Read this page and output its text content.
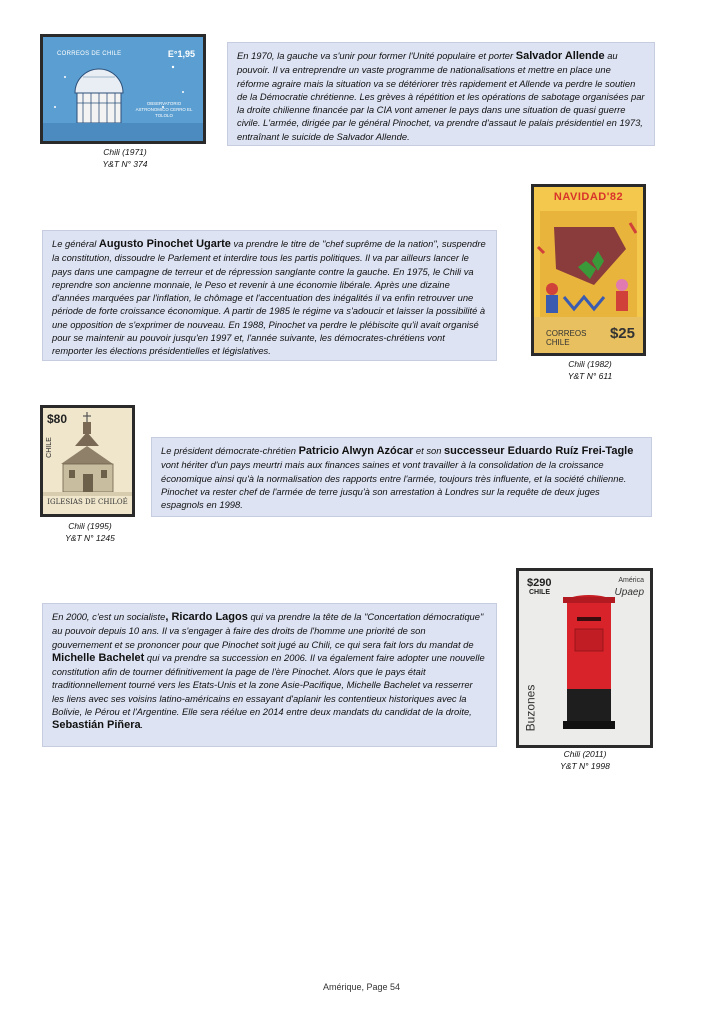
CORREOS DE CHILE	E°1,95
OBSERVATORIO ASTRONOMICO CERRO EL TOLOLO
Chili (1971)
Y&T N° 374
En 1970, la gauche va s'unir pour former l'Unité populaire et porter Salvador Allende au pouvoir. Il va entreprendre un vaste programme de nationalisations et mettre en place une réforme agraire mais la situation va se détériorer très rapidement et Allende va perdre le soutien de la Démocratie chrétienne. Les grèves à répétition et les opérations de sabotage organisées par la droite chilienne financée par la CIA vont amener le pays dans une situation de quasi guerre civile. L'armée, dirigée par le général Pinochet, va prendre d'assaut le palais présidentiel en 1973, entraînant le suicide de Salvador Allende.
Le général Augusto Pinochet Ugarte va prendre le titre de "chef suprême de la nation", suspendre la constitution, dissoudre le Parlement et interdire tous les partis politiques. Il va par ailleurs lancer le pays dans une campagne de terreur et de répression sanglante contre la gauche. En 1975, le Chili va reprendre son ancienne monnaie, le Peso et revenir à une économie libérale. Après une dizaine d'années marquées par l'inflation, le chômage et l'accentuation des inégalités il va enfin retrouver une période de forte croissance économique. A partir de 1985 le régime va s'adoucir et laisser la possibilité à une opposition de s'exprimer de nouveau. En 1988, Pinochet va perdre le plébiscite qu'il avait organisé pour se maintenir au pouvoir jusqu'en 1997 et, l'année suivante, les démocrates-chrétiens vont remporter les élections présidentielles et législatives.
NAVIDAD'82
CORREOS CHILE
$25
Chili (1982)
Y&T N° 611
$80
CHILE
IGLESIAS DE CHILOÉ
Chili (1995)
Y&T N° 1245
Le président démocrate-chrétien Patricio Alwyn Azócar et son successeur Eduardo Ruíz Frei-Tagle vont hériter d'un pays meurtri mais aux finances saines et vont travailler à la consolidation de la croissance économique ainsi qu'à la normalisation des rapports entre l'armée, toujours très influente, et la société chilienne. Pinochet va rester chef de l'armée de terre jusqu'à son arrestation à Londres sur la requête de deux juges espagnols en 1998.
$290
CHILE
América
Upaep
Buzones
Chili (2011)
Y&T N° 1998
En 2000, c'est un socialiste, Ricardo Lagos qui va prendre la tête de la "Concertation démocratique" au pouvoir depuis 10 ans. Il va s'engager à faire des droits de l'homme une priorité de son gouvernement et se prononcer pour que Pinochet soit jugé au Chili, ce qui sera fait lors du mandat de Michelle Bachelet qui va prendre sa succession en 2006. Il va également faire adopter une nouvelle constitution afin de tourner définitivement la page de l'ère Pinochet. Alors que le pays était traditionnellement tourné vers les Etats-Unis et la zone Asie-Pacifique, Michelle Bachelet va resserrer les liens avec ses voisins latino-américains en essayant d'aplanir les contentieux historiques avec la Bolivie, le Pérou et l'Argentine. Elle sera réélue en 2014 entre deux mandats du candidat de la droite, Sebastián Piñera.
Amérique, Page 54
